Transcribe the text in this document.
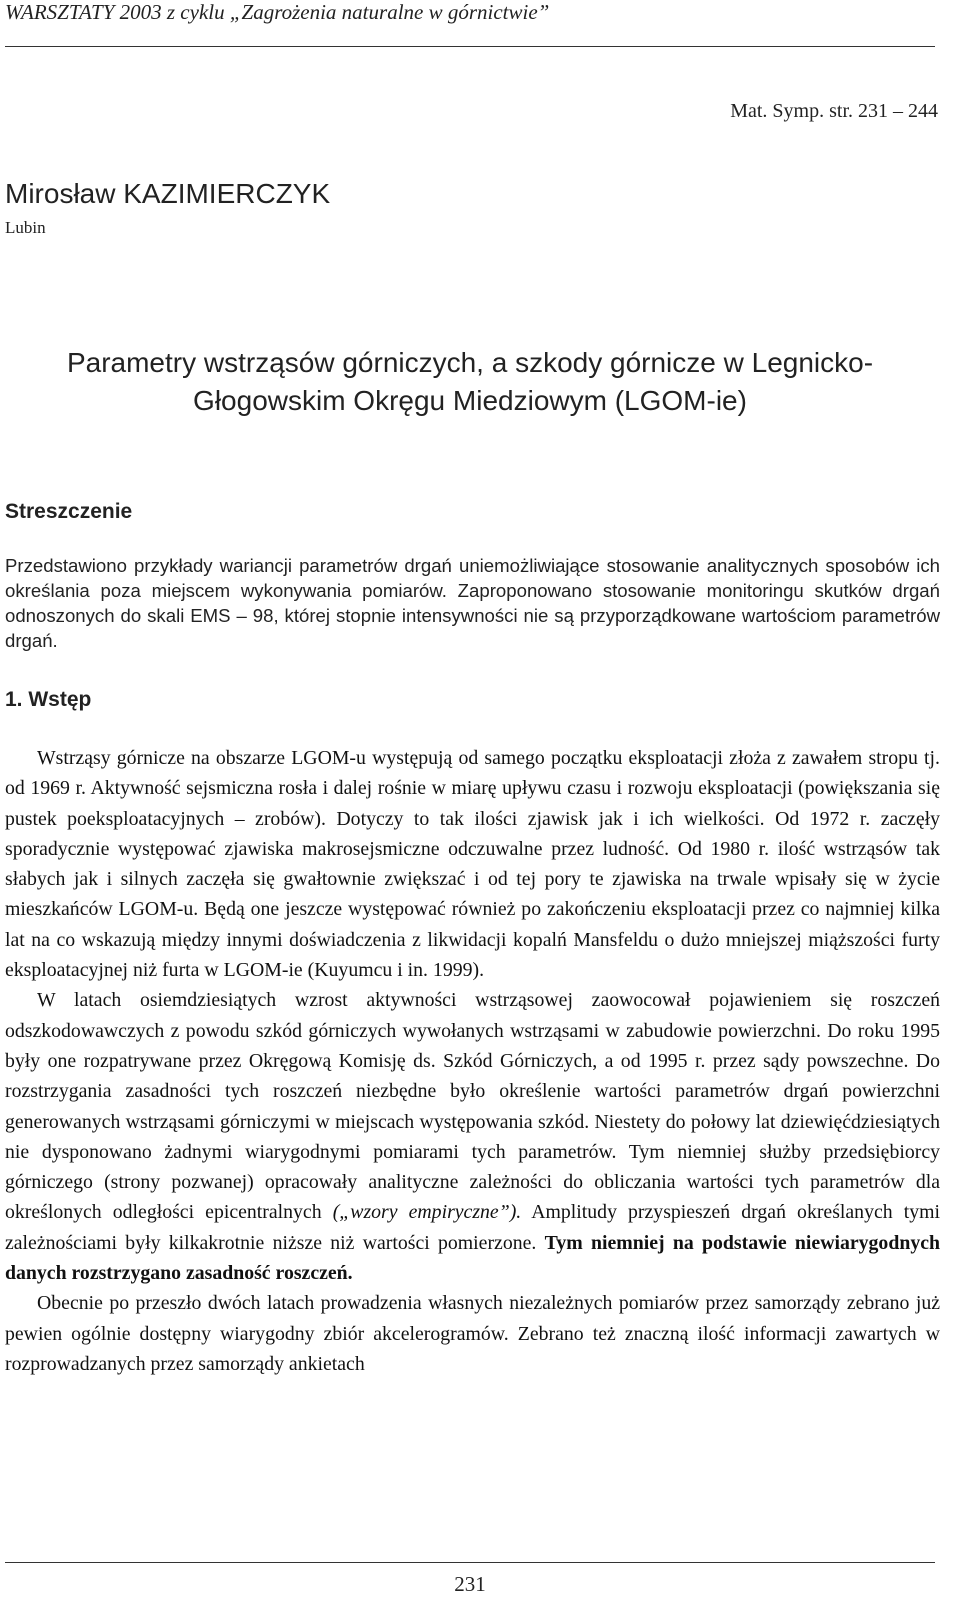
WARSZTATY 2003 z cyklu „Zagrożenia naturalne w górnictwie”
Mat. Symp. str. 231 – 244
Mirosław KAZIMIERCZYK
Lubin
Parametry wstrząsów górniczych, a szkody górnicze w Legnicko-Głogowskim Okręgu Miedziowym (LGOM-ie)
Streszczenie

Przedstawiono przykłady wariancji parametrów drgań uniemożliwiające stosowanie analitycznych sposobów ich określania poza miejscem wykonywania pomiarów. Zaproponowano stosowanie monitoringu skutków drgań odnoszonych do skali EMS – 98, której stopnie intensywności nie są przyporządkowane wartościom parametrów drgań.

1. Wstęp

Wstrząsy górnicze na obszarze LGOM-u występują od samego początku eksploatacji złoża z zawałem stropu tj. od 1969 r. Aktywność sejsmiczna rosła i dalej rośnie w miarę upływu czasu i rozwoju eksploatacji (powiększania się pustek poeksploatacyjnych – zrobów). Dotyczy to tak ilości zjawisk jak i ich wielkości. Od 1972 r. zaczęły sporadycznie występować zjawiska makrosejsmiczne odczuwalne przez ludność. Od 1980 r. ilość wstrząsów tak słabych jak i silnych zaczęła się gwałtownie zwiększać i od tej pory te zjawiska na trwale wpisały się w życie mieszkańców LGOM-u. Będą one jeszcze występować również po zakończeniu eksploatacji przez co najmniej kilka lat na co wskazują między innymi doświadczenia z likwidacji kopalń Mansfeldu o dużo mniejszej miąższości furty eksploatacyjnej niż furta w LGOM-ie (Kuyumcu i in. 1999).

W latach osiemdziesiątych wzrost aktywności wstrząsowej zaowocował pojawieniem się roszczeń odszkodowawczych z powodu szkód górniczych wywołanych wstrząsami w zabudowie powierzchni. Do roku 1995 były one rozpatrywane przez Okręgową Komisję ds. Szkód Górniczych, a od 1995 r. przez sądy powszechne. Do rozstrzygania zasadności tych roszczeń niezbędne było określenie wartości parametrów drgań powierzchni generowanych wstrząsami górniczymi w miejscach występowania szkód. Niestety do połowy lat dziewięćdziesiątych nie dysponowano żadnymi wiarygodnymi pomiarami tych parametrów. Tym niemniej służby przedsiębiorcy górniczego (strony pozwanej) opracowały analityczne zależności do obliczania wartości tych parametrów dla określonych odległości epicentralnych („wzory empiryczne”). Amplitudy przyspieszeń drgań określanych tymi zależnościami były kilkakrotnie niższe niż wartości pomierzone. Tym niemniej na podstawie niewiarygodnych danych rozstrzygano zasadność roszczeń.

Obecnie po przeszło dwóch latach prowadzenia własnych niezależnych pomiarów przez samorządy zebrano już pewien ogólnie dostępny wiarygodny zbiór akcelerogramów. Zebrano też znaczną ilość informacji zawartych w rozprowadzanych przez samorządy ankietach

231
